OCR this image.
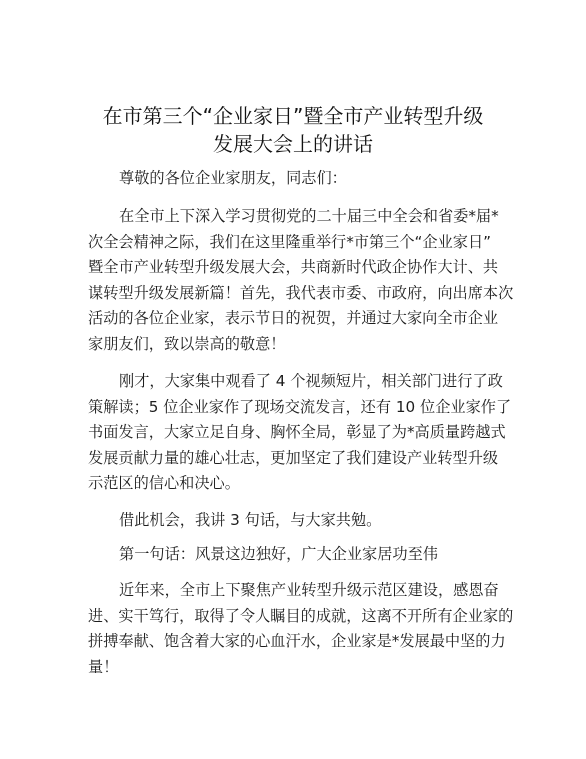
在市第三个“企业家日”暨全市产业转型升级
发展大会上的讲话
尊敬的各位企业家朋友，同志们：
在全市上下深入学习贯彻党的二十届三中全会和省委*届*
次全会精神之际，我们在这里隆重举行*市第三个“企业家日”
暨全市产业转型升级发展大会，共商新时代政企协作大计、共
谋转型升级发展新篇！首先，我代表市委、市政府，向出席本次
活动的各位企业家，表示节日的祝贺，并通过大家向全市企业
家朋友们，致以崇高的敬意！
刚才，大家集中观看了 4 个视频短片，相关部门进行了政
策解读；5 位企业家作了现场交流发言，还有 10 位企业家作了
书面发言，大家立足自身、胸怀全局，彰显了为*高质量跨越式
发展贡献力量的雄心壮志，更加坚定了我们建设产业转型升级
示范区的信心和决心。
借此机会，我讲 3 句话，与大家共勉。
第一句话：风景这边独好，广大企业家居功至伟
近年来，全市上下聚焦产业转型升级示范区建设，感恩奋
进、实干笃行，取得了令人瞩目的成就，这离不开所有企业家的
拼搏奉献、饱含着大家的心血汗水，企业家是*发展最中坚的力
量！
